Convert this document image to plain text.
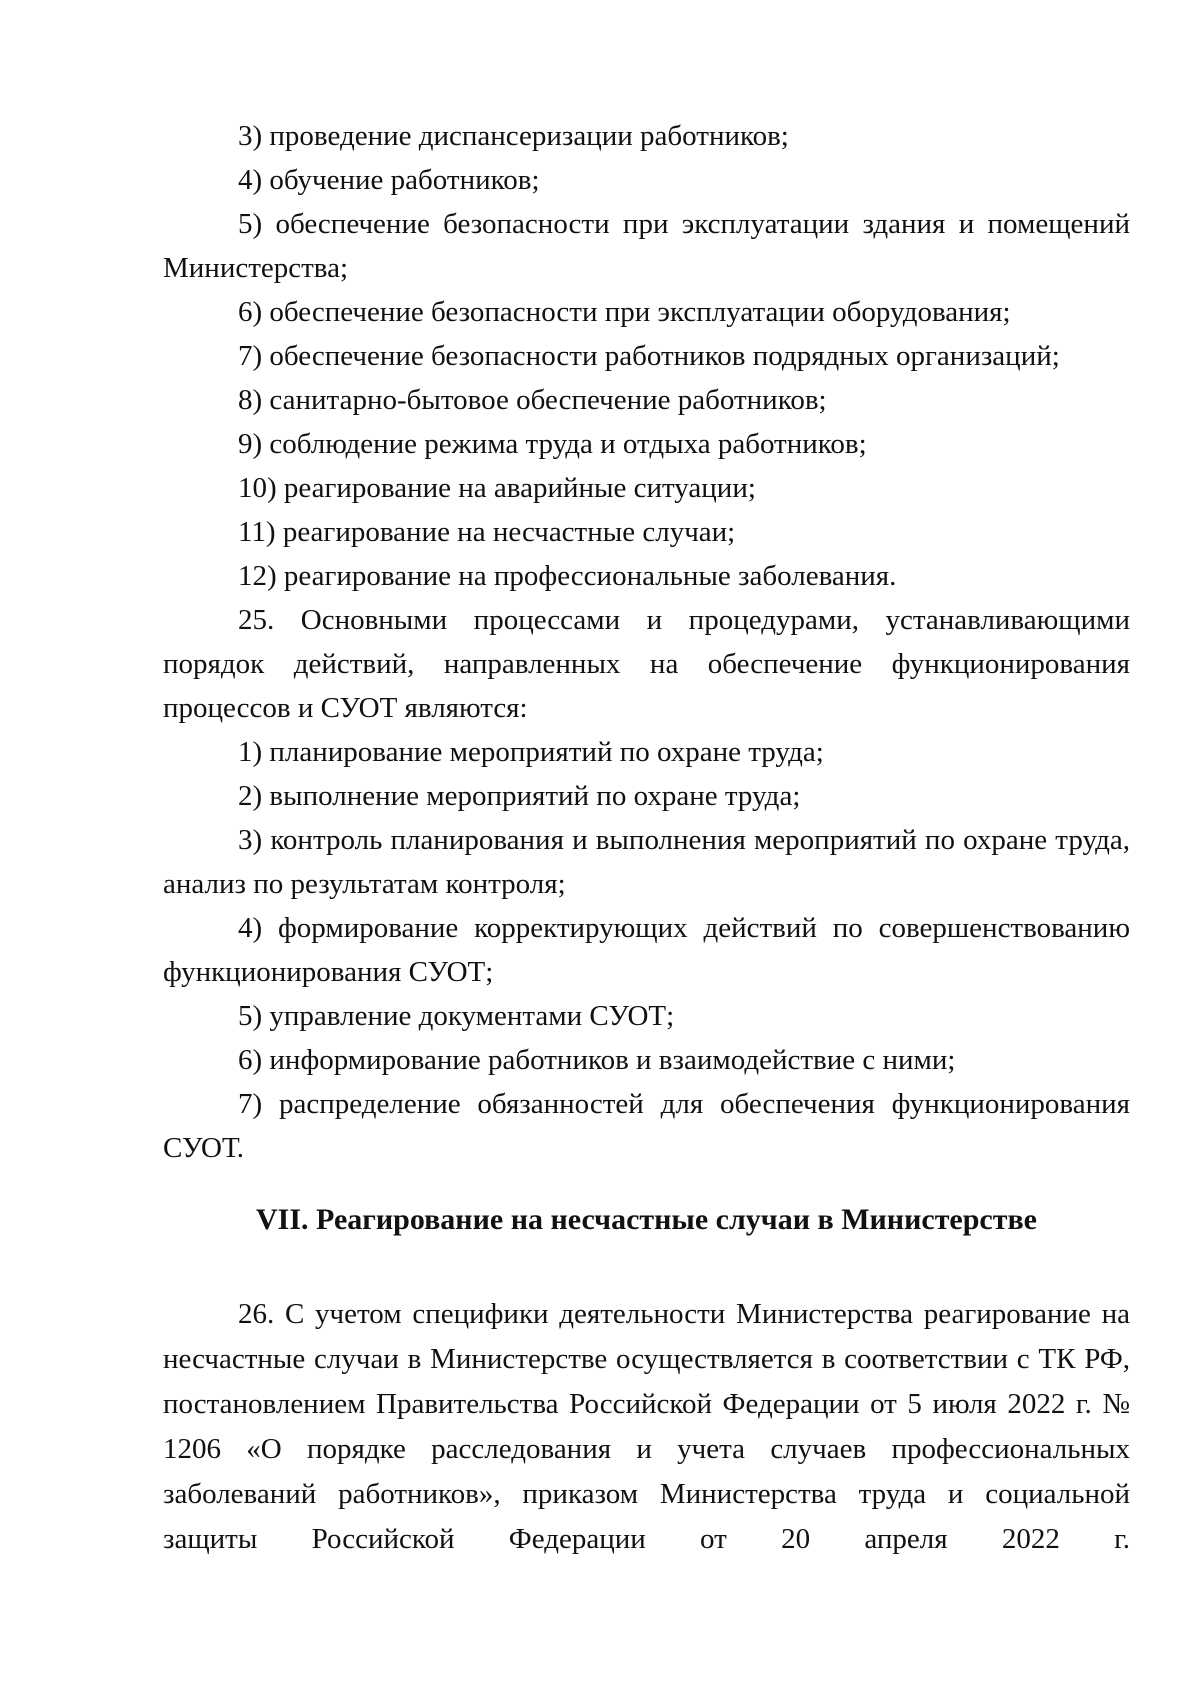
3) проведение диспансеризации работников;

4) обучение работников;

5) обеспечение безопасности при эксплуатации здания и помещений Министерства;

6) обеспечение безопасности при эксплуатации оборудования;

7) обеспечение безопасности работников подрядных организаций;

8) санитарно-бытовое обеспечение работников;

9) соблюдение режима труда и отдыха работников;

10) реагирование на аварийные ситуации;

11) реагирование на несчастные случаи;

12) реагирование на профессиональные заболевания.

25. Основными процессами и процедурами, устанавливающими порядок действий, направленных на обеспечение функционирования процессов и СУОТ являются:

1) планирование мероприятий по охране труда;

2) выполнение мероприятий по охране труда;

3) контроль планирования и выполнения мероприятий по охране труда, анализ по результатам контроля;

4) формирование корректирующих действий по совершенствованию функционирования СУОТ;

5) управление документами СУОТ;

6) информирование работников и взаимодействие с ними;

7) распределение обязанностей для обеспечения функционирования СУОТ.

VII. Реагирование на несчастные случаи в Министерстве

26. С учетом специфики деятельности Министерства реагирование на несчастные случаи в Министерстве осуществляется в соответствии с ТК РФ, постановлением Правительства Российской Федерации от 5 июля 2022 г. № 1206 «О порядке расследования и учета случаев профессиональных заболеваний работников», приказом Министерства труда и социальной защиты Российской Федерации от 20 апреля 2022 г.
